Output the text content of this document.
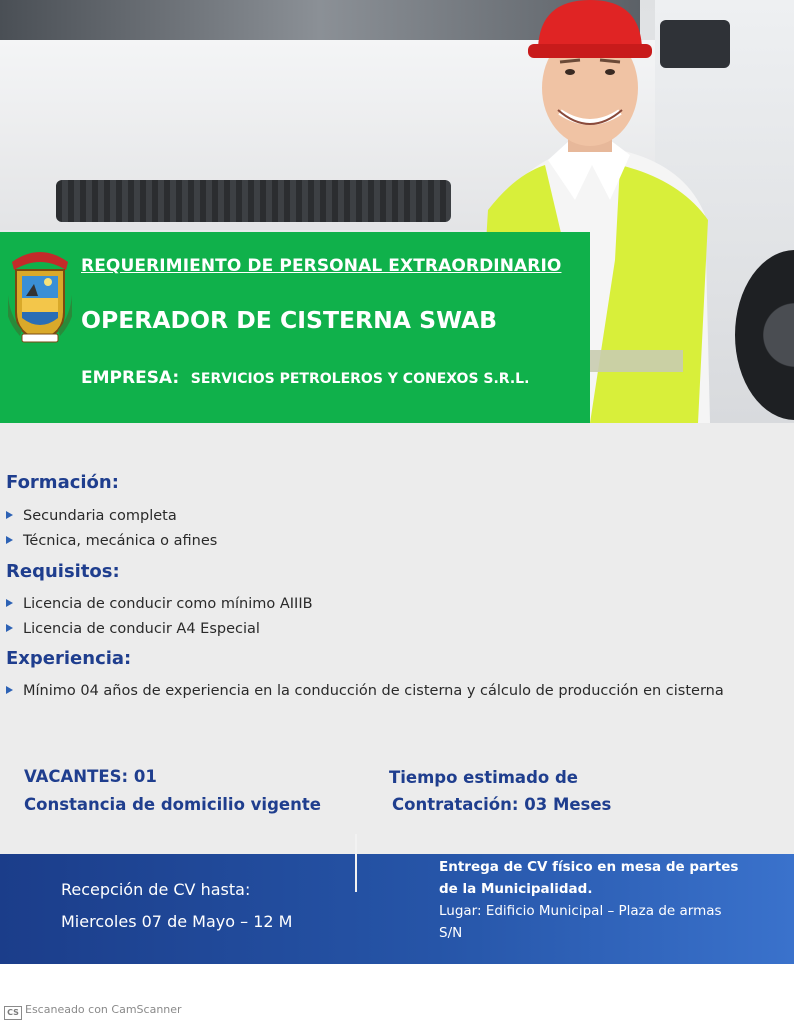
REQUERIMIENTO DE PERSONAL EXTRAORDINARIO
OPERADOR DE CISTERNA SWAB
EMPRESA: SERVICIOS PETROLEROS Y CONEXOS S.R.L.
Formación:
Secundaria completa
Técnica, mecánica o afines
Requisitos:
Licencia de conducir como mínimo AIIIB
Licencia de conducir A4 Especial
Experiencia:
Mínimo 04 años de experiencia en la conducción de cisterna y cálculo de producción en cisterna
VACANTES: 01
Constancia de domicilio vigente
Tiempo estimado de
Contratación: 03 Meses
Recepción de CV hasta:
Miercoles 07 de Mayo – 12 M
Entrega de CV físico en mesa de partes de la Municipalidad.
Lugar: Edificio Municipal – Plaza de armas S/N
CS Escaneado con CamScanner
